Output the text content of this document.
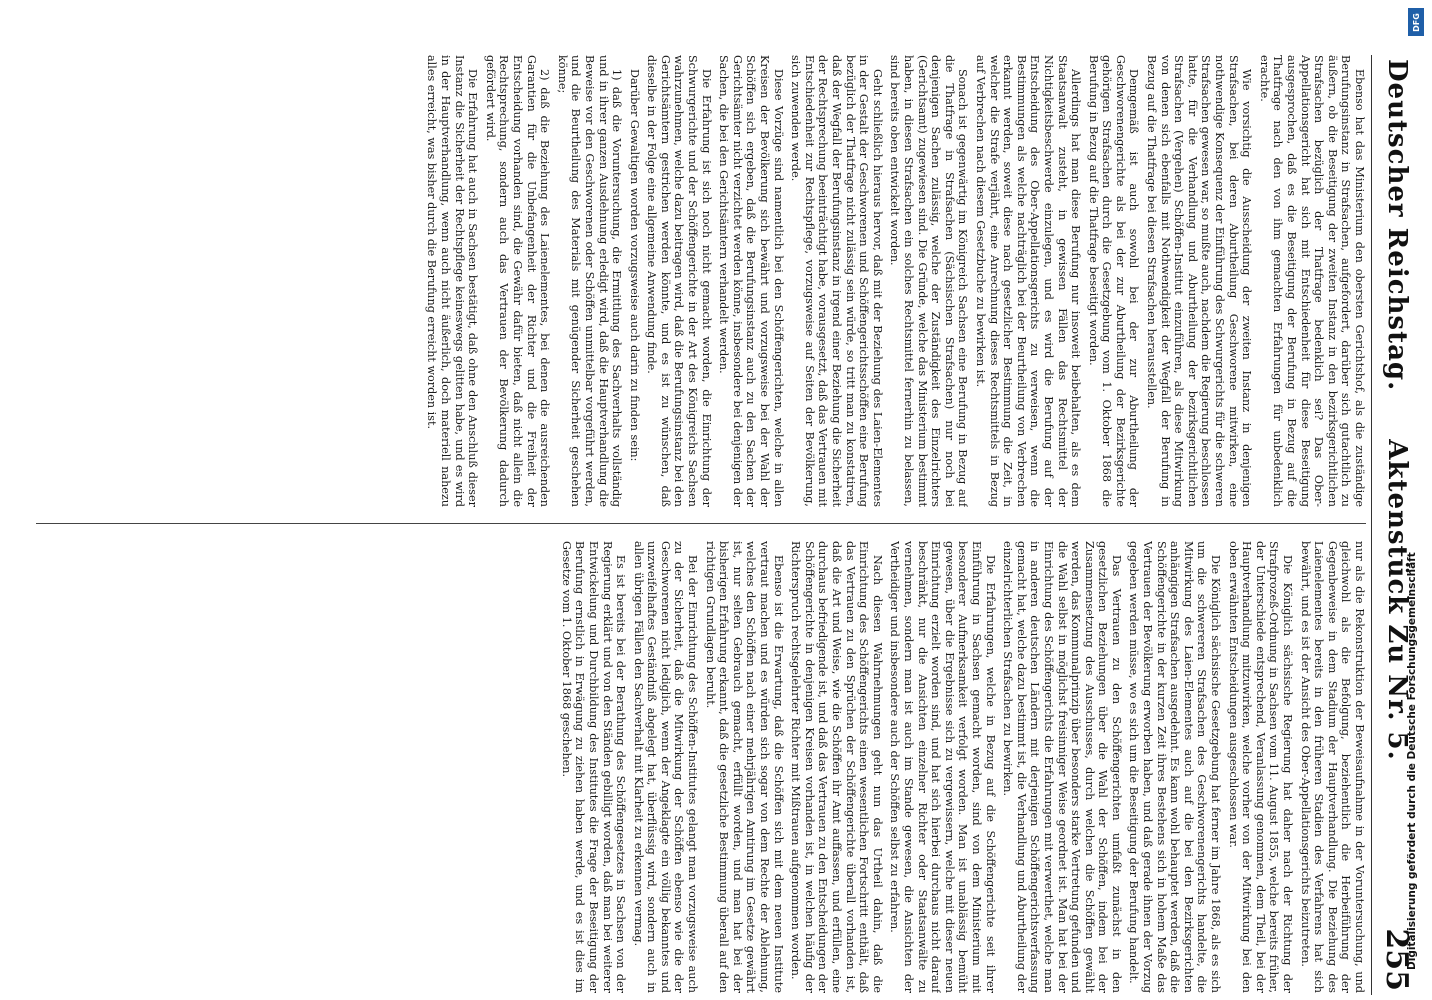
Deutscher Reichstag.  Aktenstück Zu Nr. 5.
255

Ebenso hat das Ministerium den obersten Gerichtshof, als die zuständige Berufungsinstanz in Strafsachen, aufgefordert, darüber sich gutachtlich zu äußern, ob die Beseitigung der zweiten Instanz in den bezirksgerichtlichen Strafsachen bezüglich der Thatfrage bedenklich sei? Das Ober-Appellationsgericht hat sich mit Entschiedenheit für diese Beseitigung ausgesprochen, daß es die Beseitigung der Berufung in Bezug auf die Thatfrage nach den von ihm gemachten Erfahrungen für unbedenklich erachte.

Wie vorsichtig die Ausscheidung der zweiten Instanz in denjenigen Strafsachen, bei deren Aburtheilung Geschworene mitwirken, eine nothwendige Konsequenz der Einführung des Schwurgerichts für die schweren Strafsachen gewesen war, so mußte auch, nachdem die Regierung beschlossen hatte, für die Verhandlung und Aburtheilung der bezirksgerichtlichen Strafsachen (Vergehen) Schöffen-Institut einzuführen, als diese Mitwirkung von denen sich ebenfalls mit Nothwendigkeit der Wegfall der Berufung in Bezug auf die Thatfrage bei diesen Strafsachen herausstellen.

Demgemäß ist auch sowohl bei der zur Aburtheilung der Geschworenengerichte als bei der zur Aburtheilung der Bezirksgerichte gehörigen Strafsachen durch die Gesetzgebung vom 1. Oktober 1868 die Berufung in Bezug auf die Thatfrage beseitigt worden.

Allerdings hat man diese Berufung nur insoweit beibehalten, als es dem Staatsanwalt zusteht, in gewissen Fällen das Rechtsmittel der Nichtigkeitsbeschwerde einzulegen, und es wird die Berufung auf der Entscheidung des Ober-Appellationsgerichts zu verweisen, wenn die Bestimmungen als welche nachträglich bei der Beurtheilung von Verbrechen erkannt werden, soweit diese nach gesetzlicher Bestimmung die Zeit, in welcher die Strafe verjährt, eine Anrechnung dieses Rechtsmittels in Bezug auf Verbrechen nach diesem Gesetzbuche zu bewirken ist.

Sonach ist gegenwärtig im Königreich Sachsen eine Berufung in Bezug auf die Thatfrage in Strafsachen (Sächsischen Strafsachen) nur noch bei denjenigen Sachen zulässig, welche der Zuständigkeit des Einzelrichters (Gerichtsamt) zugewiesen sind. Die Gründe, welche das Ministerium bestimmt haben, in diesen Strafsachen ein solches Rechtsmittel fernerhin zu belassen, sind bereits oben entwickelt worden.

Geht schließlich hieraus hervor, daß mit der Beziehung des Laien-Elementes in der Gestalt der Geschworenen und Schöffengerichtsschöffen eine Berufung bezüglich der Thatfrage nicht zulässig sein würde, so tritt man zu konstatiren, daß der Wegfall der Berufungsinstanz in irgend einer Beziehung die Sicherheit der Rechtsprechung beeinträchtigt habe, vorausgesetzt, daß das Vertrauen mit Entschiedenheit zur Rechtspflege, vorzugsweise auf Seiten der Bevölkerung, sich zuwenden werde.

Diese Vorzüge sind namentlich bei den Schöffengerichten, welche in allen Kreisen der Bevölkerung sich bewährt und vorzugsweise bei der Wahl der Schöffen sich ergeben, daß die Berufungsinstanz auch zu den Sachen der Gerichtsämter nicht verzichtet werden könne, insbesondere bei denjenigen der Sachen, die bei den Gerichtsämtern verhandelt werden.

Die Erfahrung ist sich noch nicht gemacht worden, die Einrichtung der Schwurgerichte und der Schöffengerichte in der Art des Königreichs Sachsen wahrzunehmen, welche dazu beitragen wird, daß die Berufungsinstanz bei den Gerichtsämtern gestrichen werden könnte, und es ist zu wünschen, daß dieselbe in der Folge eine allgemeine Anwendung finde.

Darüber Gewaltigen worden vorzugsweise auch darin zu finden sein:

1) daß die Voruntersuchung, die Ermittlung des Sachverhalts vollständig und in ihrer ganzen Ausdehnung erledigt wird, daß die Hauptverhandlung die Beweise vor den Geschworenen oder Schöffen unmittelbar vorgeführt werden, und die Beurtheilung des Materials mit genügender Sicherheit geschehen könne;

2) daß die Beziehung des Laienelementes, bei denen die ausreichenden Garantien für die Unbefangenheit der Richter und die Freiheit der Entscheidung vorhanden sind, die Gewähr dafür bieten, daß nicht allein die Rechtsprechung, sondern auch das Vertrauen der Bevölkerung dadurch gefördert wird.

Die Erfahrung hat auch in Sachsen bestätigt, daß ohne den Anschluß dieser Instanz die Sicherheit der Rechtspflege keineswegs gelitten habe, und es wird in der Hauptverhandlung, wenn auch nicht äußerlich, doch materiell nahezu alles erreicht, was bisher durch die Berufung erreicht worden ist.

nur als die Rekonstruktion der Beweisaufnahme in der Voruntersuchung, und gleichwohl als die Befolgung, beziehentlich die Herbeiführung der Gegenbeweise in dem Stadium der Hauptverhandlung. Die Beziehung des Laienelementes bereits in den früheren Stadien des Verfahrens hat sich bewährt, und es ist der Ansicht des Ober-Appellationsgerichts beizutreten.

Die Königlich sächsische Regierung hat daher nach der Richtung der Strafprozeß-Ordnung in Sachsen vom 11. August 1855, welche bereits früher, der Unterschiede entsprechend, Veranlassung genommen, dem Theil, bei der Hauptverhandlung mitzuwirken, welche vorher von der Mitwirkung bei den oben erwähnten Entscheidungen ausgeschlossen war.

Die Königlich sächsische Gesetzgebung hat ferner im Jahre 1868, als es sich um die schwereren Strafsachen des Geschworenengerichts handelte, die Mitwirkung des Laien-Elementes auch auf die bei den Bezirksgerichten anhängigen Strafsachen ausgedehnt. Es kann wohl behauptet werden, daß die Schöffengerichte in der kurzen Zeit ihres Bestehens sich in hohem Maße das Vertrauen der Bevölkerung erworben haben, und daß gerade ihnen der Vorzug gegeben werden müsse, wo es sich um die Beseitigung der Berufung handelt.

Das Vertrauen zu den Schöffengerichten umfaßt zunächst in den gesetzlichen Beziehungen über die Wahl der Schöffen, indem bei der Zusammensetzung des Ausschusses, durch welchen die Schöffen gewählt werden, das Kommunalprinzip über besonders starke Vertretung gefunden und die Wahl selbst in möglichst freisinniger Weise geordnet ist. Man hat bei der Einrichtung des Schöffengerichts die Erfahrungen mit verwerthet, welche man in anderen deutschen Ländern mit derjenigen Schöffengerichtsverfassung gemacht hat, welche dazu bestimmt ist, die Verhandlung und Aburtheilung der einzelrichterlichen Strafsachen zu bewirken.

Die Erfahrungen, welche in Bezug auf die Schöffengerichte seit ihrer Einführung in Sachsen gemacht worden, sind von dem Ministerium mit besonderer Aufmerksamkeit verfolgt worden. Man ist unablässig bemüht gewesen, über die Ergebnisse sich zu vergewissern, welche mit dieser neuen Einrichtung erzielt worden sind, und hat sich hierbei durchaus nicht darauf beschränkt, nur die Ansichten einzelner Richter oder Staatsanwälte zu vernehmen, sondern man ist auch im Stande gewesen, die Ansichten der Vertheidiger und insbesondere auch der Schöffen selbst zu erfahren.

Nach diesen Wahrnehmungen geht nun das Urtheil dahin, daß die Einrichtung des Schöffengerichts einen wesentlichen Fortschritt enthält, daß das Vertrauen zu den Sprüchen der Schöffengerichte überall vorhanden ist, daß die Art und Weise, wie die Schöffen ihr Amt auffassen, und erfüllen, eine durchaus befriedigende ist, und daß das Vertrauen zu den Entscheidungen der Schöffengerichte in denjenigen Kreisen vorhanden ist, in welchen häufig der Richterspruch rechtsgelehrter Richter mit Mißtrauen aufgenommen worden.

Ebenso ist die Erwartung, daß die Schöffen sich mit dem neuen Institute vertraut machen und es würden sich sogar von dem Rechte der Ablehnung, welches den Schöffen nach einer mehrjährigen Amtirung im Gesetze gewährt ist, nur selten Gebrauch gemacht, erfüllt worden, und man hat bei der bisherigen Erfahrung erkannt, daß die gesetzliche Bestimmung überall auf den richtigen Grundlagen beruht.

Bei der Einrichtung des Schöffen-Institutes gelangt man vorzugsweise auch zu der Sicherheit, daß die Mitwirkung der Schöffen ebenso wie die der Geschworenen nicht lediglich, wenn der Angeklagte ein völlig bekanntes und unzweifelhaftes Geständniß abgelegt hat, überflüssig wird, sondern auch in allen übrigen Fällen den Sachverhalt mit Klarheit zu erkennen vermag.

Es ist bereits bei der Berathung des Schöffengesetzes in Sachsen von der Regierung erklärt und von den Ständen gebilligt worden, daß man bei weiterer Entwickelung und Durchbildung des Institutes die Frage der Beseitigung der Berufung ernstlich in Erwägung zu ziehen haben werde, und es ist dies im Gesetze vom 1. Oktober 1868 geschehen.

DFG
Digitalisierung gefördert durch die Deutsche Forschungsgemeinschaft
